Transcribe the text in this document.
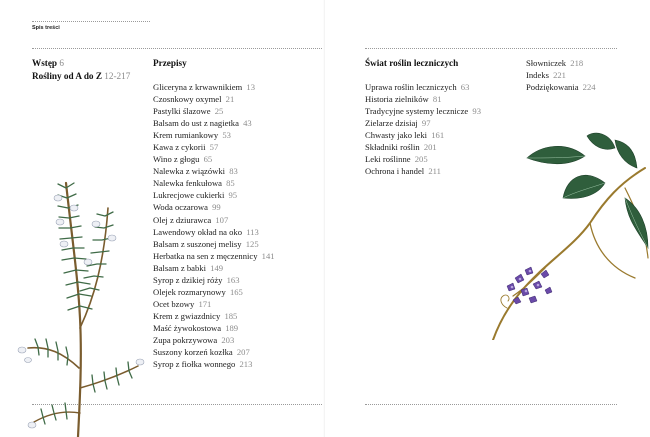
Spis treści
Wstęp 6
Rośliny od A do Z 12-217
Przepisy
Gliceryna z krwawnikiem 13
Czosnkowy oxymel 21
Pastylki ślazowe 25
Balsam do ust z nagietka 43
Krem rumiankowy 53
Kawa z cykorii 57
Wino z głogu 65
Nalewka z wiązówki 83
Nalewka fenkułowa 85
Lukrecjowe cukierki 95
Woda oczarowa 99
Olej z dziurawca 107
Lawendowy okład na oko 113
Balsam z suszonej melisy 125
Herbatka na sen z męczennicy 141
Balsam z babki 149
Syrop z dzikiej róży 163
Olejek rozmarynowy 165
Ocet bzowy 171
Krem z gwiazdnicy 185
Maść żywokostowa 189
Zupa pokrzywowa 203
Suszony korzeń kozłka 207
Syrop z fiołka wonnego 213
Świat roślin leczniczych
Uprawa roślin leczniczych 63
Historia zielników 81
Tradycyjne systemy lecznicze 93
Zielarze dzisiaj 97
Chwasty jako leki 161
Składniki roślin 201
Leki roślinne 205
Ochrona i handel 211
Słowniczek 218
Indeks 221
Podziękowania 224
